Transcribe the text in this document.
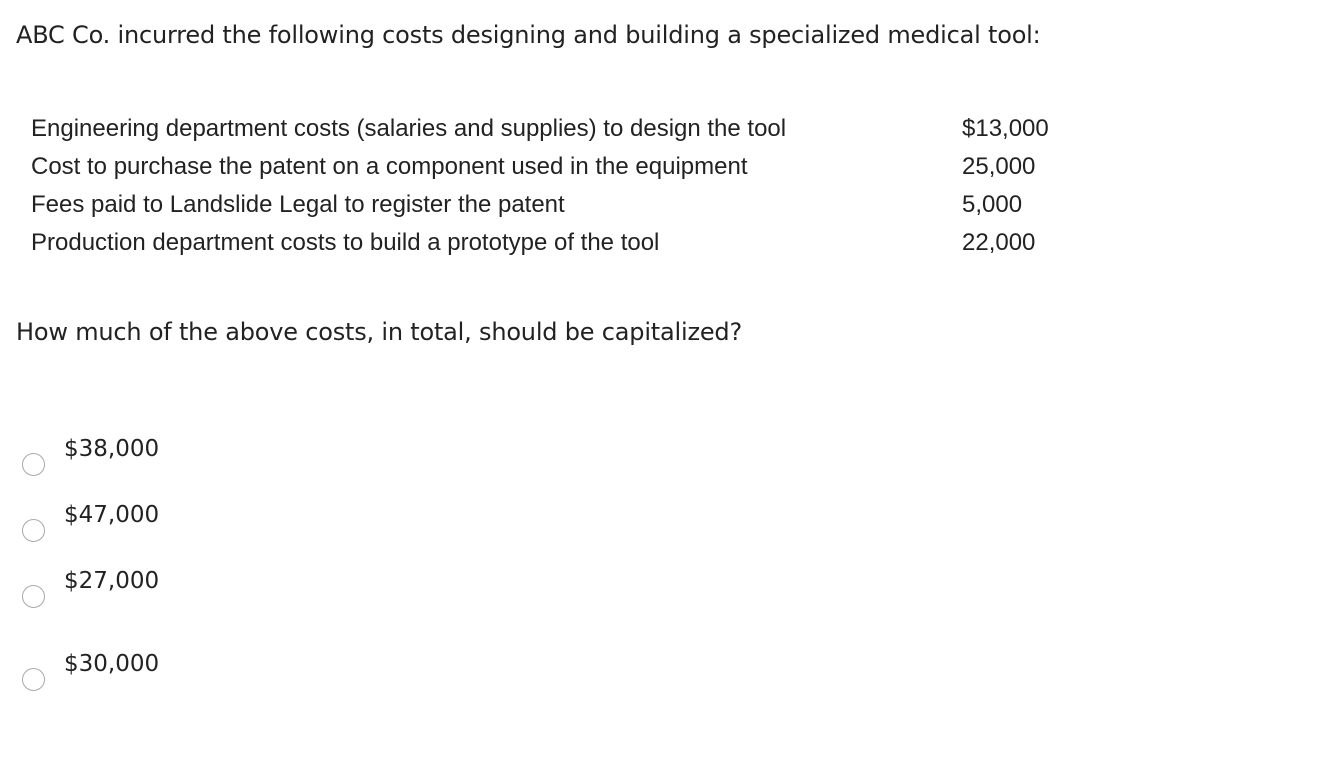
ABC Co. incurred the following costs designing and building a specialized medical tool:
Engineering department costs (salaries and supplies) to design the tool	$13,000
Cost to purchase the patent on a component used in the equipment	25,000
Fees paid to Landslide Legal to register the patent	5,000
Production department costs to build a prototype of the tool	22,000
How much of the above costs, in total, should be capitalized?
$38,000
$47,000
$27,000
$30,000
